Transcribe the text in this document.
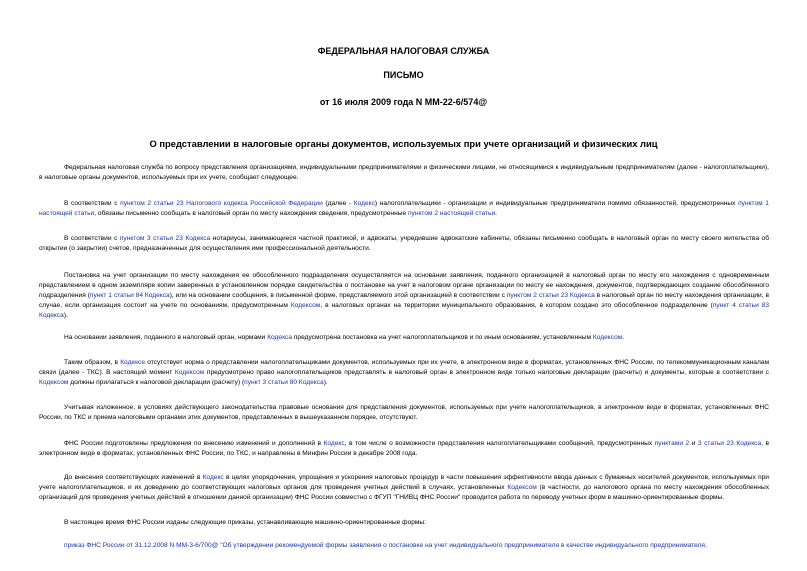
ФЕДЕРАЛЬНАЯ НАЛОГОВАЯ СЛУЖБА
ПИСЬМО
от 16 июля 2009 года N ММ-22-6/574@
О представлении в налоговые органы документов, используемых при учете организаций и физических лиц

Федеральная налоговая служба по вопросу представления организациями, индивидуальными предпринимателями и физическими лицами, не относящимися к индивидуальным предпринимателям (далее - налогоплательщики), в налоговые органы документов, используемых при их учете, сообщает следующее.

В соответствии с пунктом 2 статьи 23 Налогового кодекса Российской Федерации (далее - Кодекс) налогоплательщики - организации и индивидуальные предприниматели помимо обязанностей, предусмотренных пунктом 1 настоящей статьи, обязаны письменно сообщать в налоговый орган по месту нахождения сведения, предусмотренные пунктом 2 настоящей статьи.

В соответствии с пунктом 3 статьи 23 Кодекса нотариусы, занимающиеся частной практикой, и адвокаты, учредившие адвокатские кабинеты, обязаны письменно сообщать в налоговый орган по месту своего жительства об открытии (о закрытии) счетов, предназначенных для осуществления ими профессиональной деятельности.

Постановка на учет организации по месту нахождения ее обособленного подразделения осуществляется на основании заявления, поданного организацией в налоговый орган по месту его нахождения с одновременным представлением в одном экземпляре копии заверенных в установленном порядке свидетельства о постановке на учет в налоговом органе организации по месту ее нахождения, документов, подтверждающих создание обособленного подразделения (пункт 1 статьи 84 Кодекса), или на основании сообщения, в письменной форме, представляемого этой организацией в соответствии с пунктом 2 статьи 23 Кодекса в налоговый орган по месту нахождения организации, в случае, если организация состоит на учете по основаниям, предусмотренным Кодексом, в налоговых органах на территории муниципального образования, в котором создано это обособленное подразделение (пункт 4 статьи 83 Кодекса).

На основании заявления, поданного в налоговый орган, нормами Кодекса предусмотрена постановка на учет налогоплательщиков и по иным основаниям, установленным Кодексом.

Таким образом, в Кодексе отсутствует норма о представлении налогоплательщиками документов, используемых при их учете, в электронном виде в форматах, установленных ФНС России, по телекоммуникационным каналам связи (далее - ТКС). В настоящий момент Кодексом предусмотрено право налогоплательщиков представлять в налоговый орган в электронном виде только налоговые декларации (расчеты) и документы, которые в соответствии с Кодексом должны прилагаться к налоговой декларации (расчету) (пункт 3 статьи 80 Кодекса).

Учитывая изложенное, в условиях действующего законодательства правовые основания для представления документов, используемых при учете налогоплательщиков, в электронном виде в форматах, установленных ФНС России, по ТКС и приема налоговыми органами этих документов, представленных в вышеуказанном порядке, отсутствуют.

ФНС России подготовлены предложения по внесению изменений и дополнений в Кодекс, в том числе о возможности представления налогоплательщиками сообщений, предусмотренных пунктами 2 и 3 статьи 23 Кодекса, в электронном виде в форматах, установленных ФНС России, по ТКС, и направлены в Минфин России в декабре 2008 года.

До внесения соответствующих изменений в Кодекс в целях упорядочения, упрощения и ускорения налоговых процедур в части повышения эффективности ввода данных с бумажных носителей документов, используемых при учете налогоплательщиков, и их доведению до соответствующих налоговых органов для проведения учетных действий в случаях, установленных Кодексом (в частности, до налогового органа по месту нахождения обособленных организаций для проведения учетных действий в отношении данной организации) ФНС России совместно с ФГУП "ГНИВЦ ФНС России" проводится работа по переводу учетных форм в машинно-ориентированные формы.

В настоящее время ФНС России изданы следующие приказы, устанавливающие машинно-ориентированные формы:

приказ ФНС России от 31.12.2008 N ММ-3-6/700@ "Об утверждении рекомендуемой формы заявления о постановке на учет индивидуального предпринимателя в качестве индивидуального предпринимателя,
